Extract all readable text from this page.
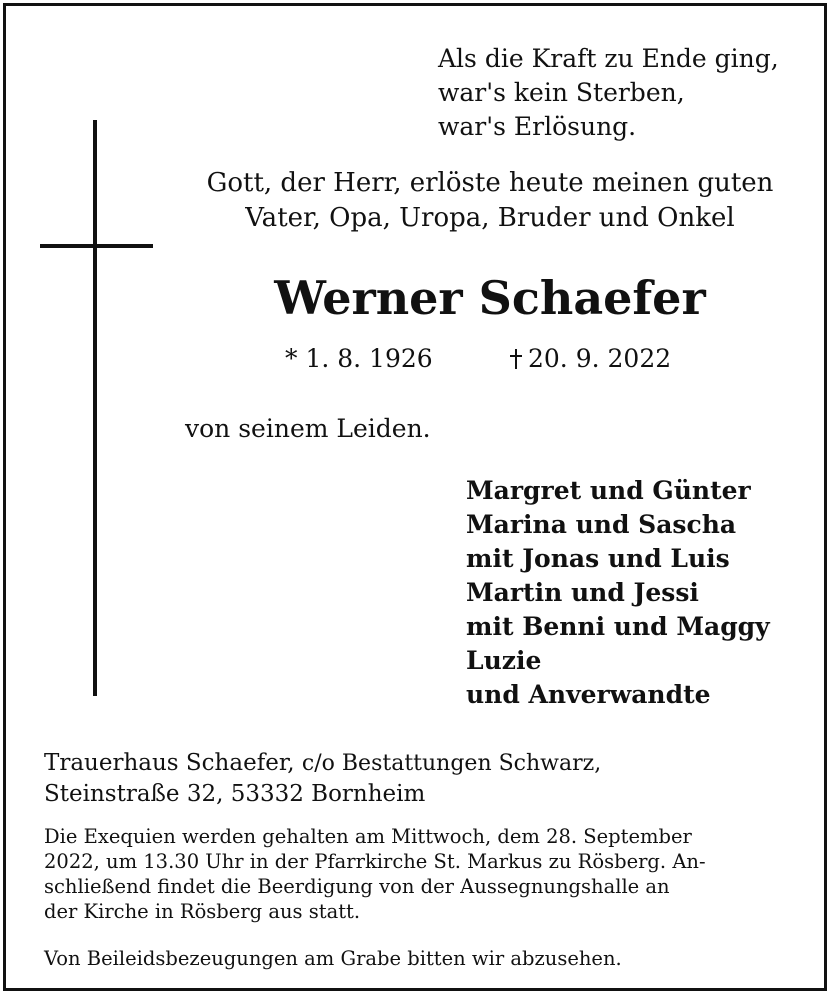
Als die Kraft zu Ende ging,
war's kein Sterben,
war's Erlösung.
Gott, der Herr, erlöste heute meinen guten
Vater, Opa, Uropa, Bruder und Onkel
Werner Schaefer
* 1. 8. 1926	20. 9. 2022
von seinem Leiden.
Margret und Günter
Marina und Sascha
mit Jonas und Luis
Martin und Jessi
mit Benni und Maggy
Luzie
und Anverwandte
Trauerhaus Schaefer, c/o Bestattungen Schwarz,
Steinstraße 32, 53332 Bornheim
Die Exequien werden gehalten am Mittwoch, dem 28. September
2022, um 13.30 Uhr in der Pfarrkirche St. Markus zu Rösberg. An-
schließend findet die Beerdigung von der Aussegnungshalle an
der Kirche in Rösberg aus statt.
Von Beileidsbezeugungen am Grabe bitten wir abzusehen.
